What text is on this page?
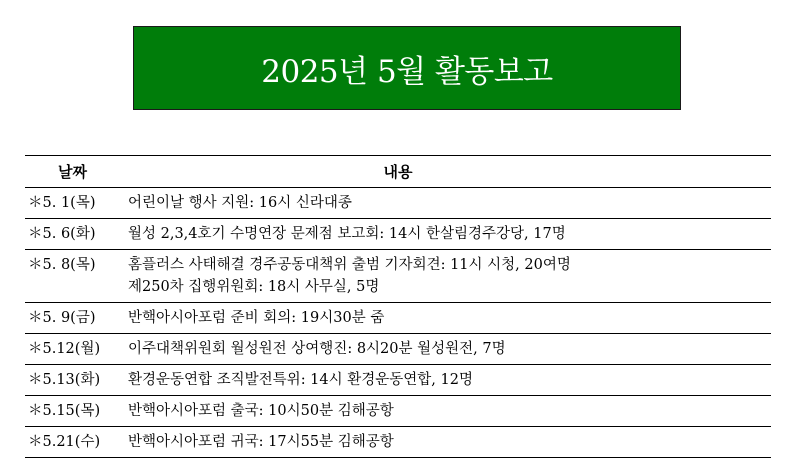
2025년 5월 활동보고
날짜	내용
＊5. 1(목)	어린이날 행사 지원: 16시 신라대종
＊5. 6(화)	월성 2,3,4호기 수명연장 문제점 보고회: 14시 한살림경주강당, 17명
＊5. 8(목)	홈플러스 사태해결 경주공동대책위 출범 기자회견: 11시 시청, 20여명
제250차 집행위원회: 18시 사무실, 5명
＊5. 9(금)	반핵아시아포럼 준비 회의: 19시30분 줌
＊5.12(월)	이주대책위원회 월성원전 상여행진: 8시20분 월성원전, 7명
＊5.13(화)	환경운동연합 조직발전특위: 14시 환경운동연합, 12명
＊5.15(목)	반핵아시아포럼 출국: 10시50분 김해공항
＊5.21(수)	반핵아시아포럼 귀국: 17시55분 김해공항
